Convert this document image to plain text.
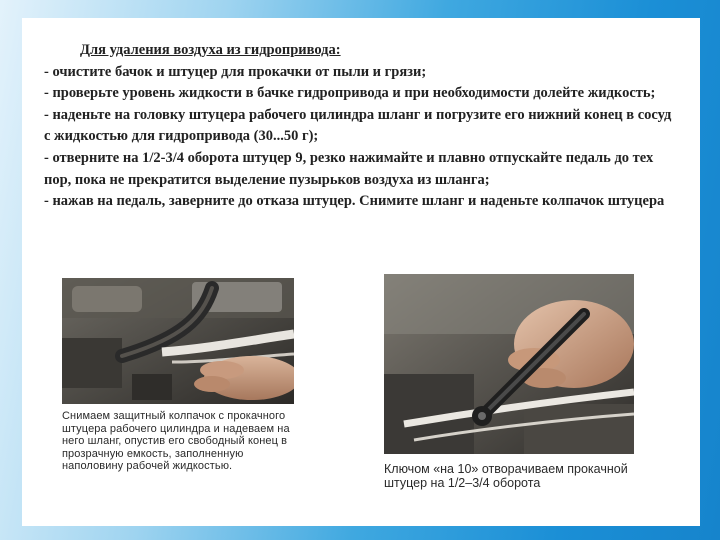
Для удаления воздуха из гидропривода:

- очистите бачок и штуцер для прокачки от пыли и грязи;

- проверьте уровень жидкости в бачке гидропривода и при необходимости долейте жидкость;

- наденьте на головку штуцера рабочего цилиндра шланг и погрузите его нижний конец в сосуд с жидкостью для гидропривода (30...50 г);

- отверните на 1/2-3/4 оборота штуцер 9, резко нажимайте и плавно отпускайте педаль до тех пор, пока не прекратится выделение пузырьков воздуха из шланга;

- нажав на педаль, заверните до отказа штуцер. Снимите шланг и наденьте колпачок штуцера

Снимаем защитный колпачок с прокачного штуцера рабочего цилиндра и надеваем на него шланг, опустив его свободный конец в прозрачную емкость, заполненную наполовину рабочей жидкостью.	Ключом «на 10» отворачиваем прокачной штуцер на 1/2–3/4 оборота
